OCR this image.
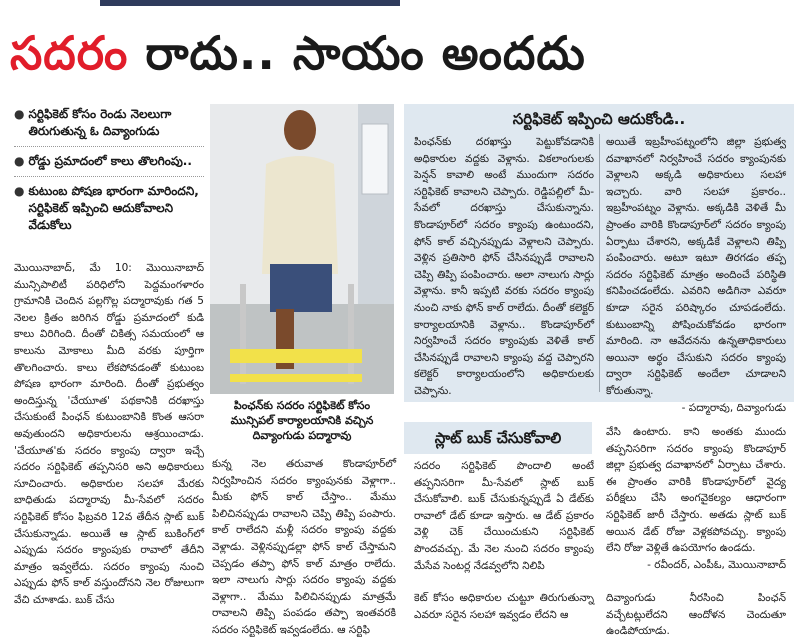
సదరం రాదు.. సాయం అందదు
● సర్టిఫికెట్ కోసం రెండు నెలలుగా తిరుగుతున్న ఓ దివ్యాంగుడు
● రోడ్డు ప్రమాదంలో కాలు తొలగింపు..
● కుటుంబ పోషణ భారంగా మారిందని, సర్టిఫికెట్ ఇప్పించి ఆదుకోవాలని వేడుకోలు

మొయినాబాద్, మే 10: మొయినాబాద్ మున్సిపాలిటీ పరిధిలోని పెద్దమంగళారం గ్రామానికి చెందిన పల్లగొల్ల పద్మారావుకు గత 5 నెలల క్రితం జరిగిన రోడ్డు ప్రమాదంలో కుడి కాలు విరిగింది. దీంతో చికిత్స సమయంలో ఆ కాలును మోకాలు మీది వరకు పూర్తిగా తొలగించారు. కాలు లేకపోవడంతో కుటుంబ పోషణ భారంగా మారింది. దీంతో ప్రభుత్వం అందిస్తున్న 'చేయూత' పథకానికి దరఖాస్తు చేసుకుంటే పింఛన్ కుటుంబానికి కొంత ఆసరా అవుతుందని అధికారులను ఆశ్రయించాడు. 'చేయూత'కు సదరం క్యాంపు ద్వారా ఇచ్చే సదరం సర్టిఫికెట్ తప్పనిసరి అని అధికారులు సూచించారు. అధికారుల సలహా మేరకు బాధితుడు పద్మారావు మీ-సేవలో సదరం సర్టిఫికెట్ కోసం ఫిబ్రవరి 12వ తేదీన స్లాట్ బుక్ చేసుకున్నాడు. అయితే ఆ స్లాట్ బుకింగ్‌లో ఎప్పుడు సదరం క్యాంపుకు రావాలో తేదీని మాత్రం ఇవ్వలేదు. సదరం క్యాంపు నుంచి ఎప్పుడు ఫోన్ కాల్ వస్తుందోనని నెల రోజులుగా వేచి చూశాడు. బుక్ చేసు

పింఛన్‌కు సదరం సర్టిఫికెట్ కోసం మున్సిపల్ కార్యాలయానికి వచ్చిన దివ్యాంగుడు పద్మారావు

కున్న నెల తరువాత కొండాపూర్‌లో నిర్వహించిన సదరం క్యాంపునకు వెళ్లాగా.. మీకు ఫోన్ కాల్ చేస్తాం.. మేము పిలిచినప్పుడు రావాలని చెప్పి తిప్పి పంపారు. కాల్ రాలేదని మళ్లీ సదరం క్యాంపు వద్దకు వెళ్లాడు. వెళ్లినప్పుడల్లా ఫోన్ కాల్ చేస్తామని చెప్పడం తప్పా ఫోన్ కాల్ మాత్రం రాలేదు. ఇలా నాలుగు సార్లు సదరం క్యాంపు వద్దకు వెళ్లాగా.. మేము పిలిచినప్పుడు మాత్రమే రావాలని తిప్పి పంపడం తప్పా ఇంతవరకి సదరం సర్టిఫికెట్ ఇవ్వడంలేదు. ఆ సర్టిఫి

సర్టిఫికెట్ ఇప్పించి ఆదుకోండి..

పింఛన్‌కు దరఖాస్తు పెట్టుకోవడానికి అధికారుల వద్దకు వెళ్లాను. వికలాంగులకు పెన్షన్ కావాలి అంటే ముందుగా సదరం సర్టిఫికెట్ కావాలని చెప్పారు. రెడ్డిపల్లిలో మీ-సేవలో దరఖాస్తు చేసుకున్నాను. కొండాపూర్‌లో సదరం క్యాంపు ఉంటుందని, ఫోన్ కాల్ వచ్చినప్పుడు వెళ్లాలని చెప్పారు. వెళ్లిన ప్రతిసారి ఫోన్ చేసినప్పుడే రావాలని చెప్పి తిప్పి పంపించారు. అలా నాలుగు సార్లు వెళ్లాను. కానీ ఇప్పటి వరకు సదరం క్యాంపు నుంచి నాకు ఫోన్ కాల్ రాలేదు. దీంతో కలెక్టర్ కార్యాలయానికి వెళ్లాను.. కొండాపూర్‌లో నిర్వహించే సదరం క్యాంపుకు వెళితే కాల్ చేసినప్పుడే రావాలని క్యాంపు వద్ద చెప్పారని కలెక్టర్ కార్యాలయంలోని అధికారులకు చెప్పాను.

అయితే ఇబ్రహీంపట్నంలోని జిల్లా ప్రభుత్వ దవాఖానలో నిర్వహించే సదరం క్యాంపునకు వెళ్లాలని అక్కడి అధికారులు సలహా ఇచ్చారు. వారి సలహా ప్రకారం.. ఇబ్రహీంపట్నం వెళ్లాను. అక్కడికి వెళితే మీ ప్రాంతం వారికి కొండాపూర్‌లో సదరం క్యాంపు ఏర్పాటు చేశారని, అక్కడికే వెళ్లాలని తిప్పి పంపించారు. అటూ ఇటూ తిరగడం తప్ప సదరం సర్టిఫికెట్ మాత్రం అందించే పరిస్థితి కనిపించడంలేదు. ఎవరిని అడిగినా ఎవరూ కూడా సరైన పరిష్కారం చూపడంలేదు. కుటుంబాన్ని పోషించుకోవడం భారంగా మారింది. నా ఆవేదనను ఉన్నతాధికారులు అయినా అర్థం చేసుకుని సదరం క్యాంపు ద్వారా సర్టిఫికెట్ అందేలా చూడాలని కోరుతున్నా.

- పద్మారావు, దివ్యాంగుడు

స్లాట్ బుక్ చేసుకోవాలి

సదరం సర్టిఫికెట్ పొందాలి అంటే తప్పనిసరిగా మీ-సేవలో స్లాట్ బుక్ చేసుకోవాలి. బుక్ చేసుకున్నప్పుడే ఏ డేట్‌కు రావాలో డేట్ కూడా ఇస్తారు. ఆ డేట్ ప్రకారం వెళ్లి చెక్ చేయించుకుని సర్టిఫికెట్ పొందవచ్చు. మే నెల నుంచి సదరం క్యాంపు మేసేవ సెంటర్ల నేడవ్వలోని నిలిపి

వేసి ఉంటారు. కాని అంతకు ముందు తప్పనిసరిగా సదరం క్యాంపు కొండాపూర్ జిల్లా ప్రభుత్వ దవాఖానలో ఏర్పాటు చేశారు. ఈ ప్రాంతం వారికి కొండాపూర్‌లో వైద్య పరీక్షలు చేసి అంగవైకల్యం ఆధారంగా సర్టిఫికెట్ జారీ చేస్తారు. అతడు స్లాట్ బుక్ అయిన డేట్ రోజు వెళ్లకపోవచ్చు. క్యాంపు లేని రోజు వెళ్లితే ఉపయోగం ఉండదు.

- రవీందర్, ఎంపీఓ, మొయినాబాద్

కెట్ కోసం అధికారుల చుట్టూ తిరుగుతున్నా ఎవరూ సరైన సలహా ఇవ్వడం లేదని ఆ

దివ్యాంగుడు నీరసించి పింఛన్ వచ్చేటట్లులేదని ఆందోళన చెందుతూ ఉండిపోయాడు.
